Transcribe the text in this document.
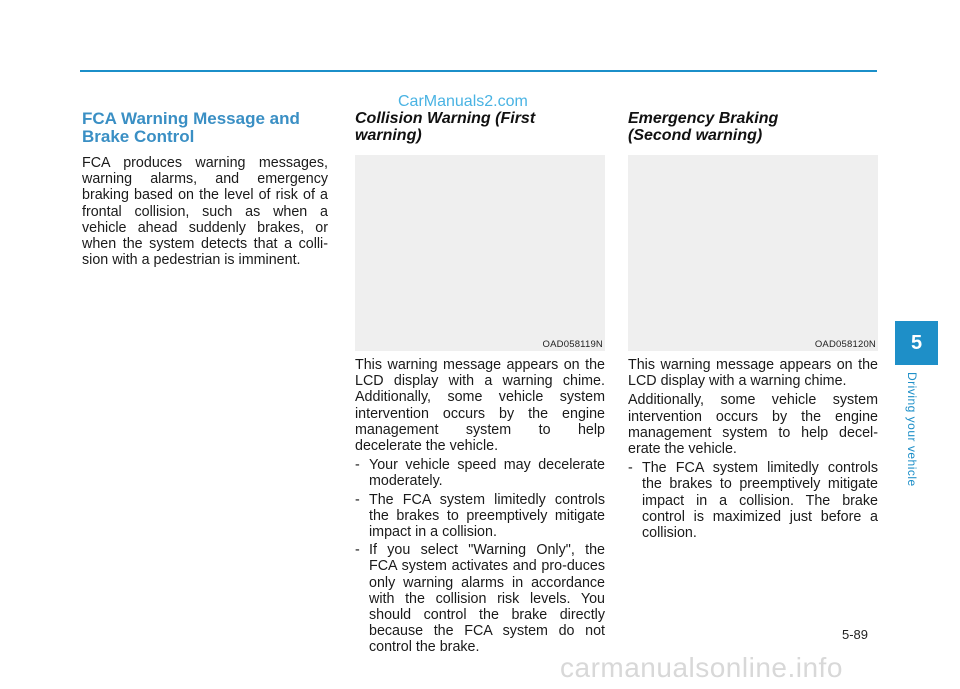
CarManuals2.com
FCA Warning Message and Brake Control

FCA produces warning messages, warning alarms, and emergency braking based on the level of risk of a frontal collision, such as when a vehicle ahead suddenly brakes, or when the system detects that a colli-sion with a pedestrian is imminent.

Collision Warning (First warning)
OAD058119N

This warning message appears on the LCD display with a warning chime. Additionally, some vehicle system intervention occurs by the engine management system to help decelerate the vehicle.

- Your vehicle speed may decelerate moderately.
- The FCA system limitedly controls the brakes to preemptively mitigate impact in a collision.
- If you select "Warning Only", the FCA system activates and pro-duces only warning alarms in accordance with the collision risk levels. You should control the brake directly because the FCA system do not control the brake.
Emergency Braking
(Second warning)
OAD058120N

This warning message appears on the LCD display with a warning chime.

Additionally, some vehicle system intervention occurs by the engine management system to help decel-erate the vehicle.

- The FCA system limitedly controls the brakes to preemptively mitigate impact in a collision. The brake control is maximized just before a collision.
5
Driving your vehicle
5-89
carmanualsonline.info
